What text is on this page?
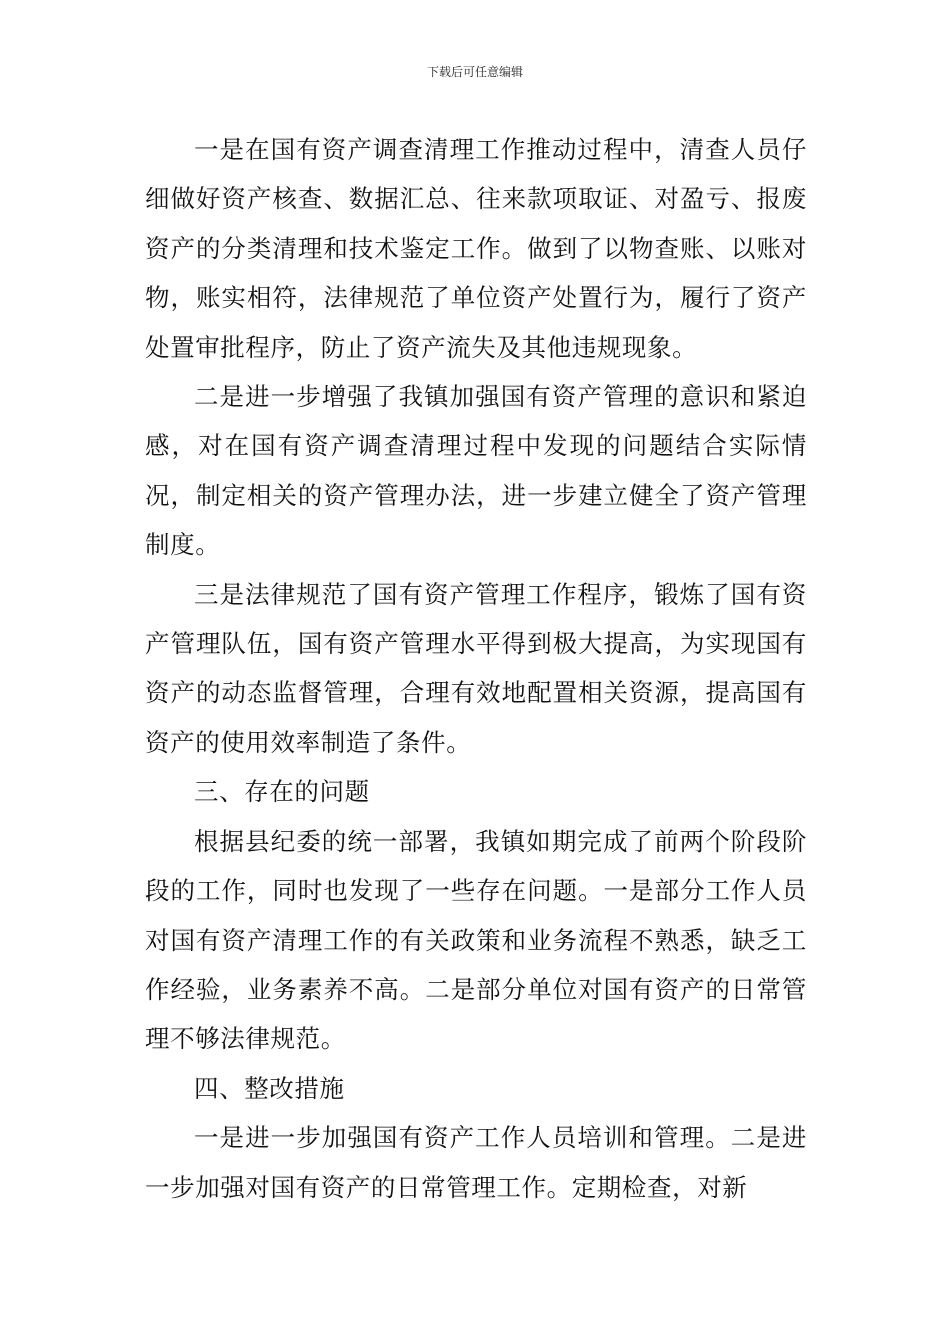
下载后可任意编辑

一是在国有资产调查清理工作推动过程中，清查人员仔细做好资产核查、数据汇总、往来款项取证、对盈亏、报废资产的分类清理和技术鉴定工作。做到了以物查账、以账对物，账实相符，法律规范了单位资产处置行为，履行了资产处置审批程序，防止了资产流失及其他违规现象。

二是进一步增强了我镇加强国有资产管理的意识和紧迫感，对在国有资产调查清理过程中发现的问题结合实际情况，制定相关的资产管理办法，进一步建立健全了资产管理制度。

三是法律规范了国有资产管理工作程序，锻炼了国有资产管理队伍，国有资产管理水平得到极大提高，为实现国有资产的动态监督管理，合理有效地配置相关资源，提高国有资产的使用效率制造了条件。

三、存在的问题

根据县纪委的统一部署，我镇如期完成了前两个阶段阶段的工作，同时也发现了一些存在问题。一是部分工作人员对国有资产清理工作的有关政策和业务流程不熟悉，缺乏工作经验，业务素养不高。二是部分单位对国有资产的日常管理不够法律规范。

四、整改措施

一是进一步加强国有资产工作人员培训和管理。二是进一步加强对国有资产的日常管理工作。定期检查，对新
